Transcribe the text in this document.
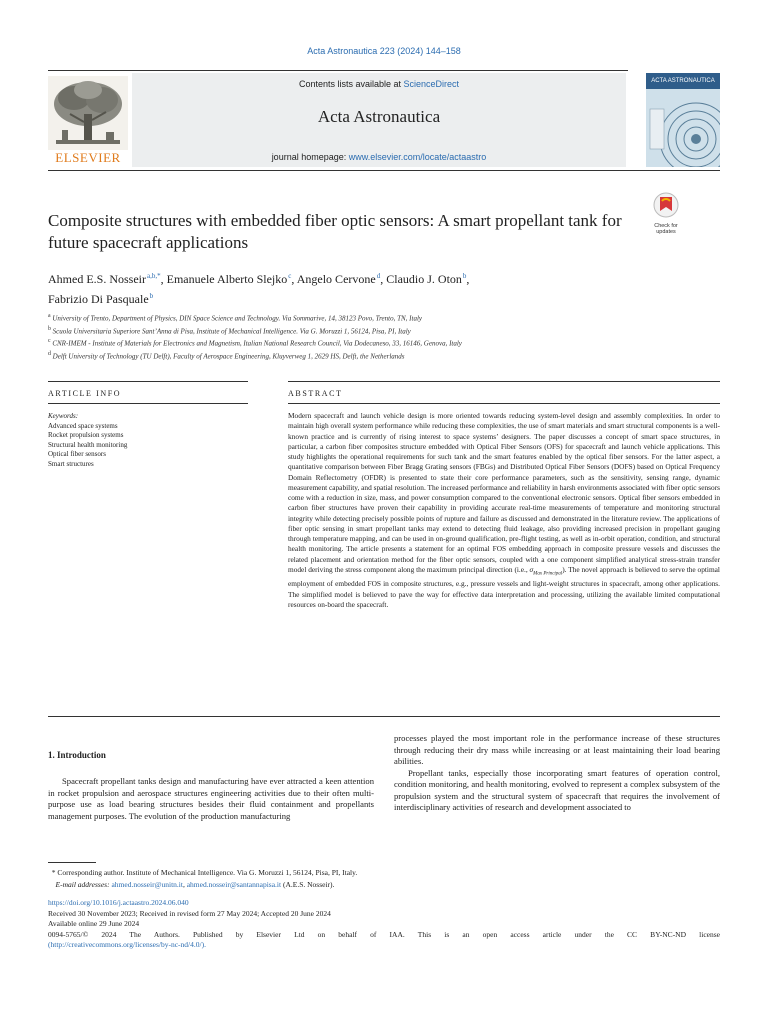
Acta Astronautica 223 (2024) 144–158
ELSEVIER
Contents lists available at ScienceDirect
Acta Astronautica
journal homepage: www.elsevier.com/locate/actaastro
ACTA ASTRONAUTICA
Check for
updates
Composite structures with embedded fiber optic sensors: A smart propellant tank for future spacecraft applications
Ahmed E.S. Nosseir $^{a,b,*}$, Emanuele Alberto Slejko $^c$, Angelo Cervone $^d$, Claudio J. Oton $^b$,
Fabrizio Di Pasquale $^b$
$^a$ University of Trento, Department of Physics, DIN Space Science and Technology. Via Sommarive, 14, 38123 Povo, Trento, TN, Italy
$^b$ Scuola Universitaria Superiore Sant’Anna di Pisa, Institute of Mechanical Intelligence. Via G. Moruzzi 1, 56124, Pisa, PI, Italy
$^c$ CNR-IMEM - Institute of Materials for Electronics and Magnetism, Italian National Research Council, Via Dodecaneso, 33, 16146, Genova, Italy
$^d$ Delft University of Technology (TU Delft), Faculty of Aerospace Engineering, Kluyverweg 1, 2629 HS, Delft, the Netherlands
ARTICLE INFO	ABSTRACT
Keywords:
Advanced space systems
Rocket propulsion systems
Structural health monitoring
Optical fiber sensors
Smart structures
Modern spacecraft and launch vehicle design is more oriented towards reducing system-level design and assembly complexities. In order to maintain high overall system performance while reducing these complexities, the use of smart materials and smart structural components is a well-known practice and is currently of rising interest to space systems’ designers. The paper discusses a concept of smart space structures, in particular, a carbon fiber composites structure embedded with Optical Fiber Sensors (OFS) for spacecraft and launch vehicle applications. This study highlights the operational requirements for such tank and the smart features enabled by the optical fiber sensors. For the latter aspect, a quantitative comparison between Fiber Bragg Grating sensors (FBGs) and Distributed Optical Fiber Sensors (DOFS) based on Optical Frequency Domain Reflectometry (OFDR) is presented to state their core performance parameters, such as the sensitivity, sensing range, dynamic measurement capability, and spatial resolution. The increased performance and reliability in harsh environments associated with fiber optic sensors come with a reduction in size, mass, and power consumption compared to the conventional electronic sensors. Optical fiber sensors embedded in carbon fiber structures have proven their capability in providing accurate real-time measurements of temperature and monitoring structural integrity while detecting precisely possible points of rupture and failure as discussed and demonstrated in the literature review. The applications of fiber optic sensing in smart propellant tanks may extend to detecting fluid leakage, also providing increased precision in propellant gauging through temperature mapping, and can be used in on-ground qualification, pre-flight testing, as well as in-orbit operation, condition, and structural health monitoring. The article presents a statement for an optimal FOS embedding approach in composite pressure vessels and discusses the related placement and orientation method for the fiber optic sensors, coupled with a one component simplified analytical stress-strain transfer model deriving the stress component along the maximum principal direction (i.e., $\sigma_{Max Principal}$). The novel approach is believed to serve the optimal employment of embedded FOS in composite structures, e.g., pressure vessels and light-weight structures in spacecraft, among other applications. The simplified model is believed to pave the way for effective data interpretation and processing, utilizing the available limited computational resources on-board the spacecraft.
1. Introduction
Spacecraft propellant tanks design and manufacturing have ever attracted a keen attention in rocket propulsion and aerospace structures engineering activities due to their often multi-purpose use as load bearing structures besides their fluid containment and propellants management purposes. The evolution of the production manufacturing

processes played the most important role in the performance increase of these structures through reducing their dry mass while increasing or at least maintaining their load bearing abilities.

Propellant tanks, especially those incorporating smart features of operation control, condition monitoring, and health monitoring, evolved to represent a complex subsystem of the propulsion system and the structural system of spacecraft that requires the involvement of interdisciplinary activities of research and development associated to

* Corresponding author. Institute of Mechanical Intelligence. Via G. Moruzzi 1, 56124, Pisa, PI, Italy.
E-mail addresses: ahmed.nosseir@unitn.it, ahmed.nosseir@santannapisa.it (A.E.S. Nosseir).
https://doi.org/10.1016/j.actaastro.2024.06.040
Received 30 November 2023; Received in revised form 27 May 2024; Accepted 20 June 2024
Available online 29 June 2024
0094-5765/© 2024 The Authors. Published by Elsevier Ltd on behalf of IAA. This is an open access article under the CC BY-NC-ND license
(http://creativecommons.org/licenses/by-nc-nd/4.0/).
